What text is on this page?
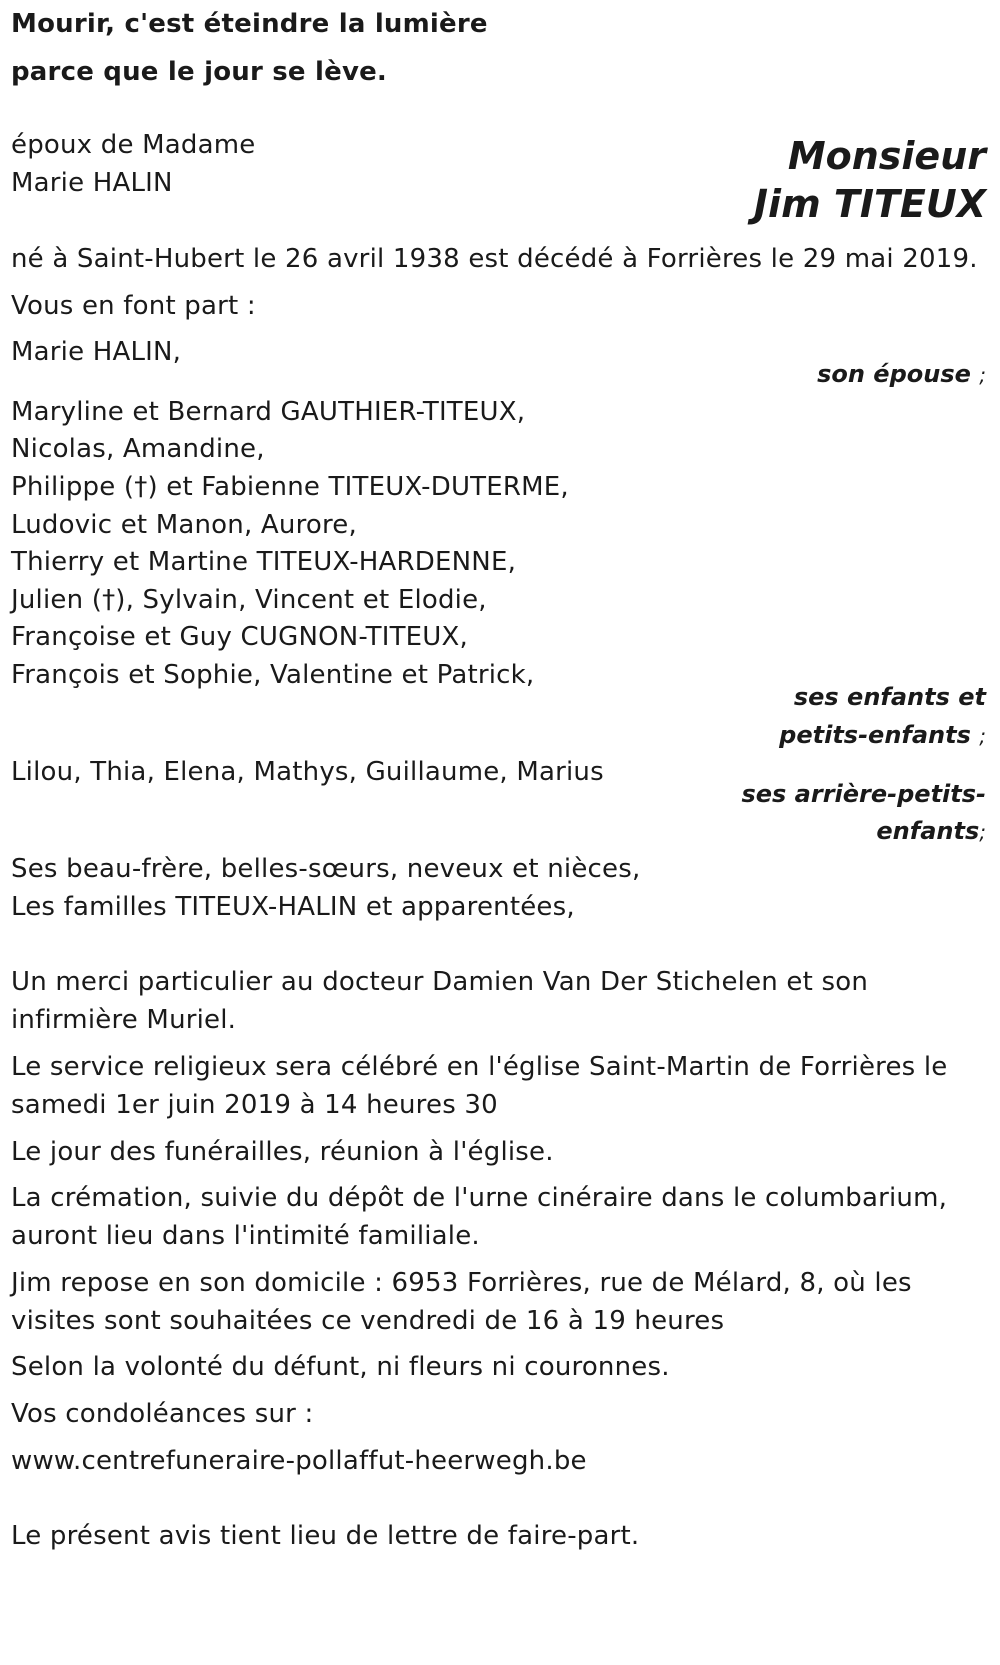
Mourir, c'est éteindre la lumière

parce que le jour se lève.

époux de Madame

Marie HALIN

Monsieur
Jim TITEUX

né à Saint-Hubert le 26 avril 1938 est décédé à Forrières le 29 mai 2019.

Vous en font part :

Marie HALIN,

son épouse ;

Maryline et Bernard GAUTHIER-TITEUX,

Nicolas, Amandine,

Philippe (†) et Fabienne TITEUX-DUTERME,

Ludovic et Manon, Aurore,

Thierry et Martine TITEUX-HARDENNE,

Julien (†), Sylvain, Vincent et Elodie,

Françoise et Guy CUGNON-TITEUX,

François et Sophie, Valentine et Patrick,

ses enfants et
petits-enfants ;

Lilou, Thia, Elena, Mathys, Guillaume, Marius

ses arrière-petits-
enfants;

Ses beau-frère, belles-sœurs, neveux et nièces,

Les familles TITEUX-HALIN et apparentées,

Un merci particulier au docteur Damien Van Der Stichelen et son

infirmière Muriel.

Le service religieux sera célébré en l'église Saint-Martin de Forrières le

samedi 1er juin 2019 à 14 heures 30

Le jour des funérailles, réunion à l'église.

La crémation, suivie du dépôt de l'urne cinéraire dans le columbarium,

auront lieu dans l'intimité familiale.

Jim repose en son domicile : 6953 Forrières, rue de Mélard, 8, où les

visites sont souhaitées ce vendredi de 16 à 19 heures

Selon la volonté du défunt, ni fleurs ni couronnes.

Vos condoléances sur :

www.centrefuneraire-pollaffut-heerwegh.be

Le présent avis tient lieu de lettre de faire-part.
